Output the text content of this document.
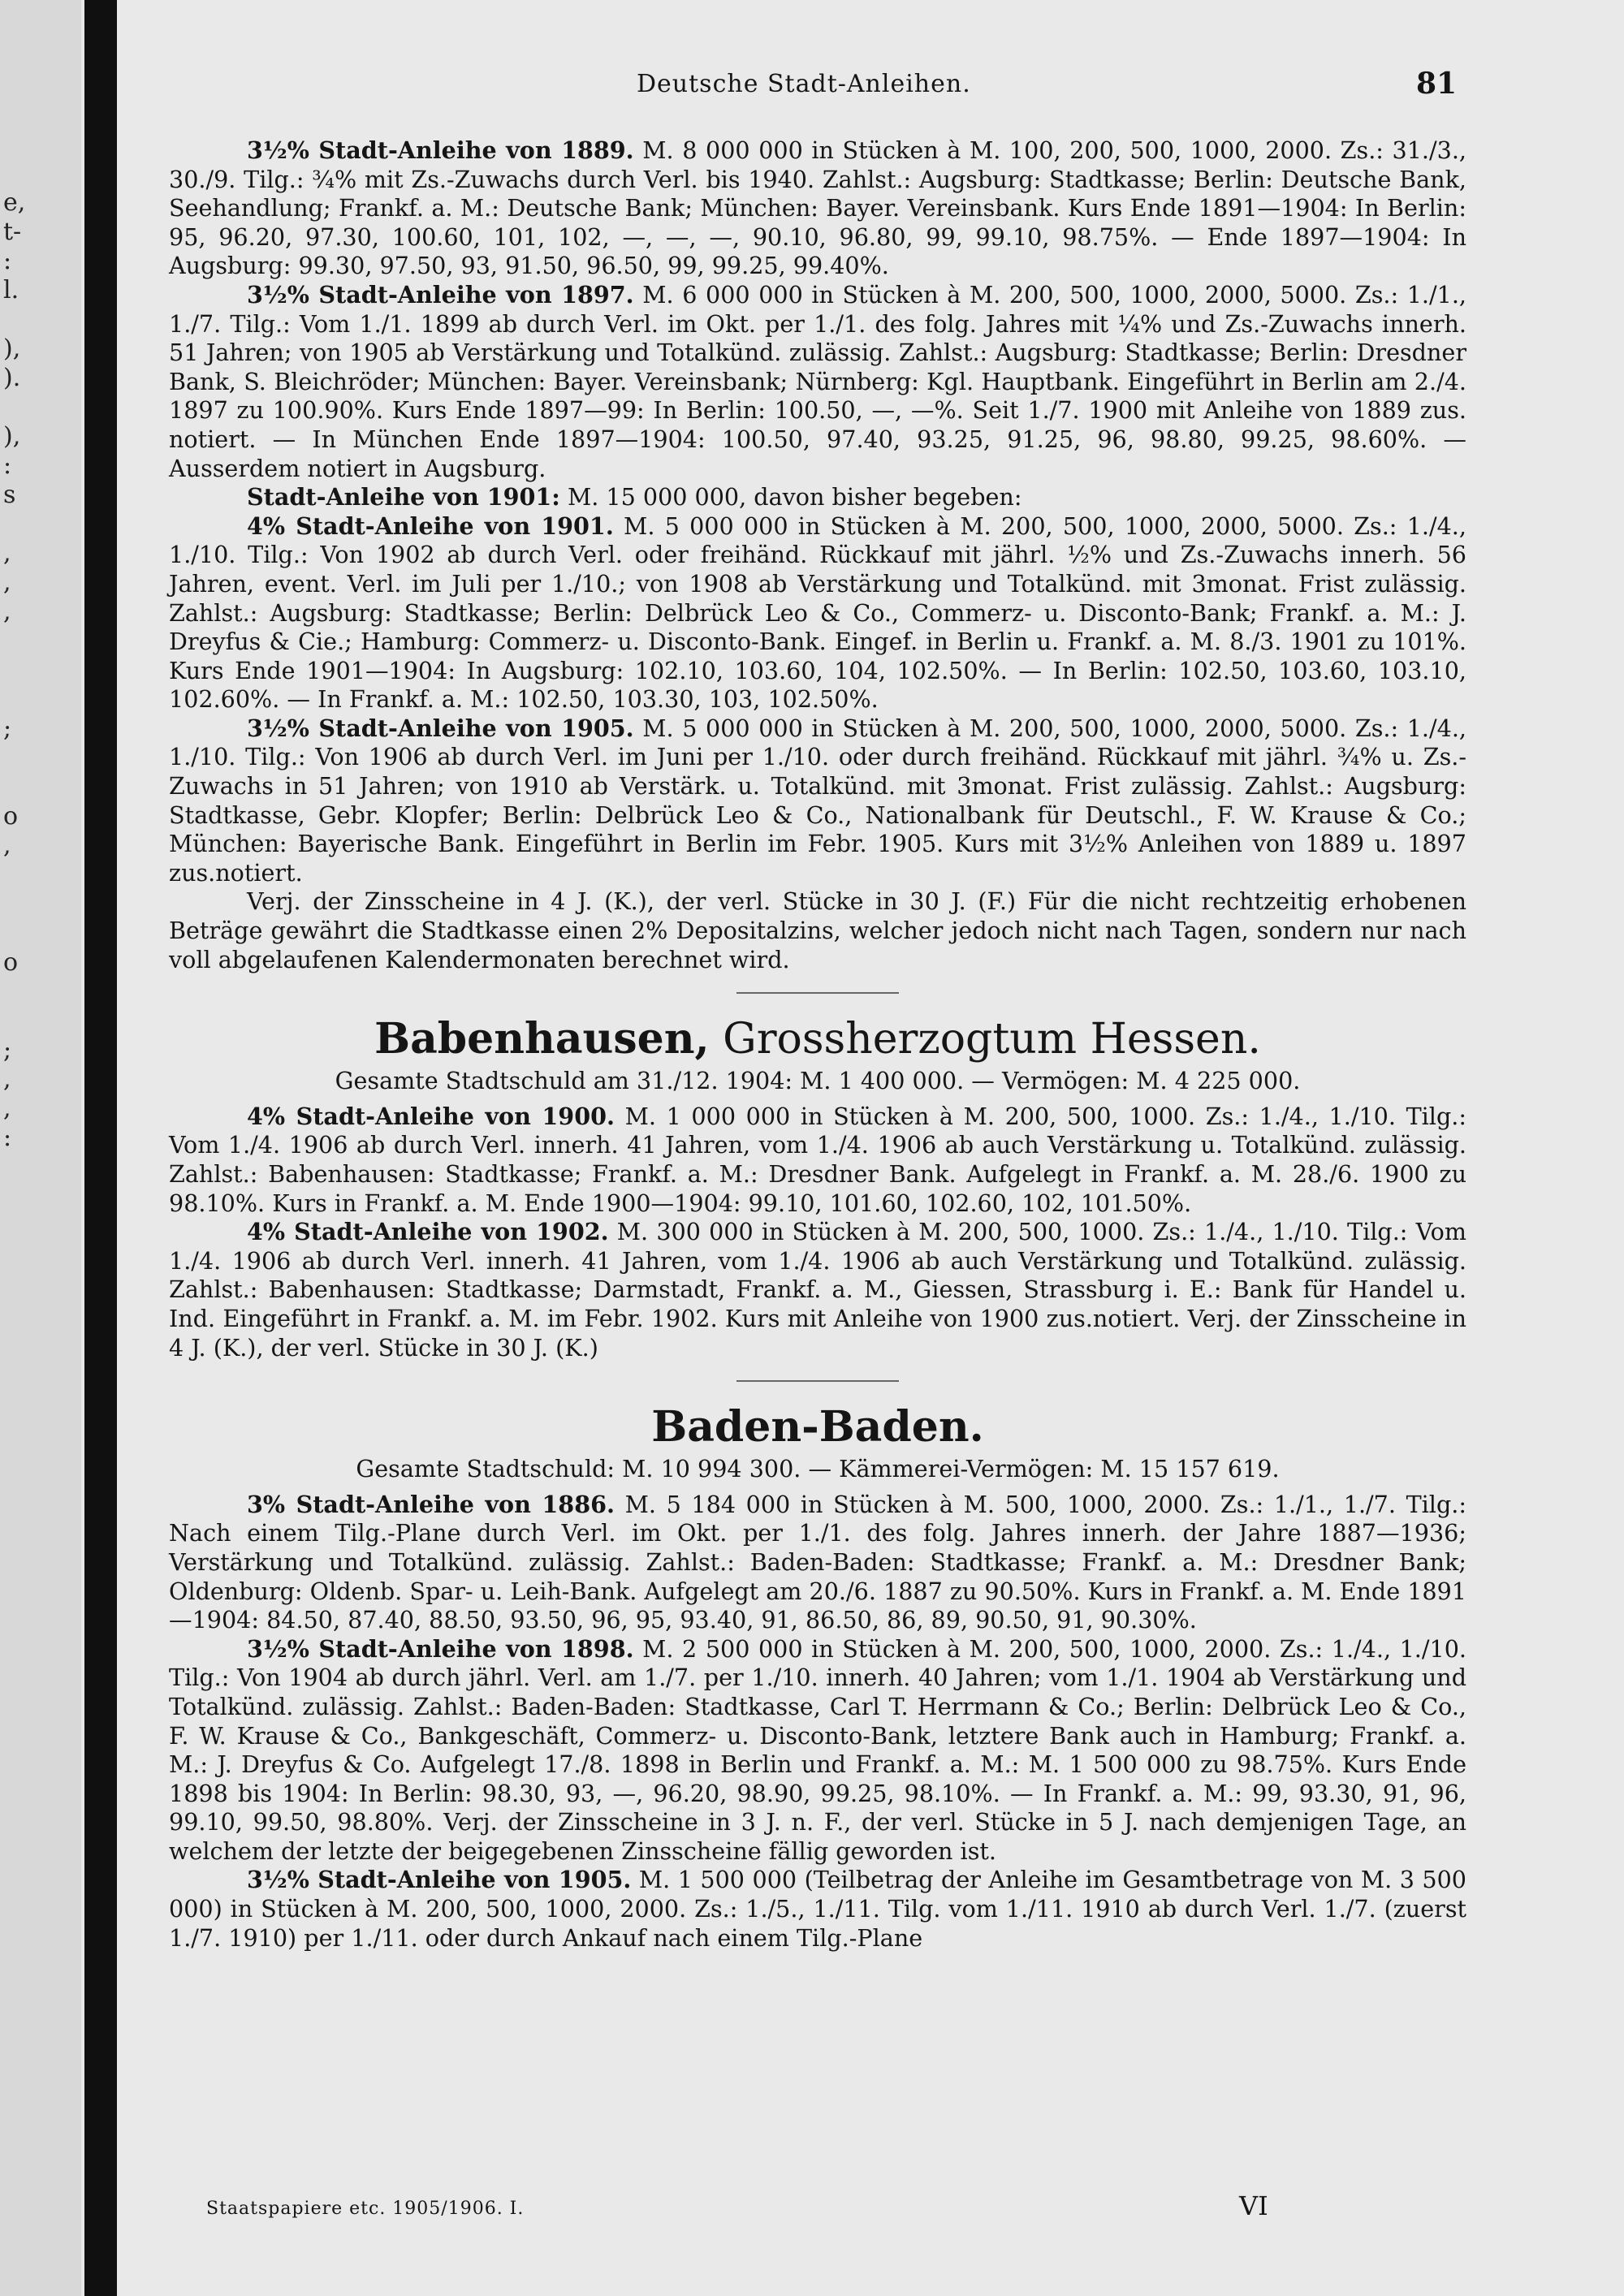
e,
t-
:
l.
),
).
),
:
s
,
,
,
;
o
,
o
;
,
,
:
Deutsche Stadt-Anleihen.	81

3½% Stadt-Anleihe von 1889. M. 8 000 000 in Stücken à M. 100, 200, 500, 1000, 2000. Zs.: 31./3., 30./9. Tilg.: ¾% mit Zs.-Zuwachs durch Verl. bis 1940. Zahlst.: Augsburg: Stadtkasse; Berlin: Deutsche Bank, Seehandlung; Frankf. a. M.: Deutsche Bank; München: Bayer. Vereinsbank. Kurs Ende 1891—1904: In Berlin: 95, 96.20, 97.30, 100.60, 101, 102, —, —, —, 90.10, 96.80, 99, 99.10, 98.75%. — Ende 1897—1904: In Augsburg: 99.30, 97.50, 93, 91.50, 96.50, 99, 99.25, 99.40%.

3½% Stadt-Anleihe von 1897. M. 6 000 000 in Stücken à M. 200, 500, 1000, 2000, 5000. Zs.: 1./1., 1./7. Tilg.: Vom 1./1. 1899 ab durch Verl. im Okt. per 1./1. des folg. Jahres mit ¼% und Zs.-Zuwachs innerh. 51 Jahren; von 1905 ab Verstärkung und Totalkünd. zulässig. Zahlst.: Augsburg: Stadtkasse; Berlin: Dresdner Bank, S. Bleichröder; München: Bayer. Vereinsbank; Nürnberg: Kgl. Hauptbank. Eingeführt in Berlin am 2./4. 1897 zu 100.90%. Kurs Ende 1897—99: In Berlin: 100.50, —, —%. Seit 1./7. 1900 mit Anleihe von 1889 zus. notiert. — In München Ende 1897—1904: 100.50, 97.40, 93.25, 91.25, 96, 98.80, 99.25, 98.60%. — Ausserdem notiert in Augsburg.

Stadt-Anleihe von 1901: M. 15 000 000, davon bisher begeben:

4% Stadt-Anleihe von 1901. M. 5 000 000 in Stücken à M. 200, 500, 1000, 2000, 5000. Zs.: 1./4., 1./10. Tilg.: Von 1902 ab durch Verl. oder freihänd. Rückkauf mit jährl. ½% und Zs.-Zuwachs innerh. 56 Jahren, event. Verl. im Juli per 1./10.; von 1908 ab Verstärkung und Totalkünd. mit 3monat. Frist zulässig. Zahlst.: Augsburg: Stadtkasse; Berlin: Delbrück Leo & Co., Commerz- u. Disconto-Bank; Frankf. a. M.: J. Dreyfus & Cie.; Hamburg: Commerz- u. Disconto-Bank. Eingef. in Berlin u. Frankf. a. M. 8./3. 1901 zu 101%. Kurs Ende 1901—1904: In Augsburg: 102.10, 103.60, 104, 102.50%. — In Berlin: 102.50, 103.60, 103.10, 102.60%. — In Frankf. a. M.: 102.50, 103.30, 103, 102.50%.

3½% Stadt-Anleihe von 1905. M. 5 000 000 in Stücken à M. 200, 500, 1000, 2000, 5000. Zs.: 1./4., 1./10. Tilg.: Von 1906 ab durch Verl. im Juni per 1./10. oder durch freihänd. Rückkauf mit jährl. ¾% u. Zs.-Zuwachs in 51 Jahren; von 1910 ab Verstärk. u. Totalkünd. mit 3monat. Frist zulässig. Zahlst.: Augsburg: Stadtkasse, Gebr. Klopfer; Berlin: Delbrück Leo & Co., Nationalbank für Deutschl., F. W. Krause & Co.; München: Bayerische Bank. Eingeführt in Berlin im Febr. 1905. Kurs mit 3½% Anleihen von 1889 u. 1897 zus.notiert.

Verj. der Zinsscheine in 4 J. (K.), der verl. Stücke in 30 J. (F.) Für die nicht rechtzeitig erhobenen Beträge gewährt die Stadtkasse einen 2% Depositalzins, welcher jedoch nicht nach Tagen, sondern nur nach voll abgelaufenen Kalendermonaten berechnet wird.

Babenhausen, Grossherzogtum Hessen.
Gesamte Stadtschuld am 31./12. 1904: M. 1 400 000. — Vermögen: M. 4 225 000.

4% Stadt-Anleihe von 1900. M. 1 000 000 in Stücken à M. 200, 500, 1000. Zs.: 1./4., 1./10. Tilg.: Vom 1./4. 1906 ab durch Verl. innerh. 41 Jahren, vom 1./4. 1906 ab auch Verstärkung u. Totalkünd. zulässig. Zahlst.: Babenhausen: Stadtkasse; Frankf. a. M.: Dresdner Bank. Aufgelegt in Frankf. a. M. 28./6. 1900 zu 98.10%. Kurs in Frankf. a. M. Ende 1900—1904: 99.10, 101.60, 102.60, 102, 101.50%.

4% Stadt-Anleihe von 1902. M. 300 000 in Stücken à M. 200, 500, 1000. Zs.: 1./4., 1./10. Tilg.: Vom 1./4. 1906 ab durch Verl. innerh. 41 Jahren, vom 1./4. 1906 ab auch Verstärkung und Totalkünd. zulässig. Zahlst.: Babenhausen: Stadtkasse; Darmstadt, Frankf. a. M., Giessen, Strassburg i. E.: Bank für Handel u. Ind. Eingeführt in Frankf. a. M. im Febr. 1902. Kurs mit Anleihe von 1900 zus.notiert. Verj. der Zinsscheine in 4 J. (K.), der verl. Stücke in 30 J. (K.)

Baden-Baden.
Gesamte Stadtschuld: M. 10 994 300. — Kämmerei-Vermögen: M. 15 157 619.

3% Stadt-Anleihe von 1886. M. 5 184 000 in Stücken à M. 500, 1000, 2000. Zs.: 1./1., 1./7. Tilg.: Nach einem Tilg.-Plane durch Verl. im Okt. per 1./1. des folg. Jahres innerh. der Jahre 1887—1936; Verstärkung und Totalkünd. zulässig. Zahlst.: Baden-Baden: Stadtkasse; Frankf. a. M.: Dresdner Bank; Oldenburg: Oldenb. Spar- u. Leih-Bank. Aufgelegt am 20./6. 1887 zu 90.50%. Kurs in Frankf. a. M. Ende 1891—1904: 84.50, 87.40, 88.50, 93.50, 96, 95, 93.40, 91, 86.50, 86, 89, 90.50, 91, 90.30%.

3½% Stadt-Anleihe von 1898. M. 2 500 000 in Stücken à M. 200, 500, 1000, 2000. Zs.: 1./4., 1./10. Tilg.: Von 1904 ab durch jährl. Verl. am 1./7. per 1./10. innerh. 40 Jahren; vom 1./1. 1904 ab Verstärkung und Totalkünd. zulässig. Zahlst.: Baden-Baden: Stadtkasse, Carl T. Herrmann & Co.; Berlin: Delbrück Leo & Co., F. W. Krause & Co., Bankgeschäft, Commerz- u. Disconto-Bank, letztere Bank auch in Hamburg; Frankf. a. M.: J. Dreyfus & Co. Aufgelegt 17./8. 1898 in Berlin und Frankf. a. M.: M. 1 500 000 zu 98.75%. Kurs Ende 1898 bis 1904: In Berlin: 98.30, 93, —, 96.20, 98.90, 99.25, 98.10%. — In Frankf. a. M.: 99, 93.30, 91, 96, 99.10, 99.50, 98.80%. Verj. der Zinsscheine in 3 J. n. F., der verl. Stücke in 5 J. nach demjenigen Tage, an welchem der letzte der beigegebenen Zinsscheine fällig geworden ist.

3½% Stadt-Anleihe von 1905. M. 1 500 000 (Teilbetrag der Anleihe im Gesamtbetrage von M. 3 500 000) in Stücken à M. 200, 500, 1000, 2000. Zs.: 1./5., 1./11. Tilg. vom 1./11. 1910 ab durch Verl. 1./7. (zuerst 1./7. 1910) per 1./11. oder durch Ankauf nach einem Tilg.-Plane

Staatspapiere etc. 1905/1906. I.	VI
